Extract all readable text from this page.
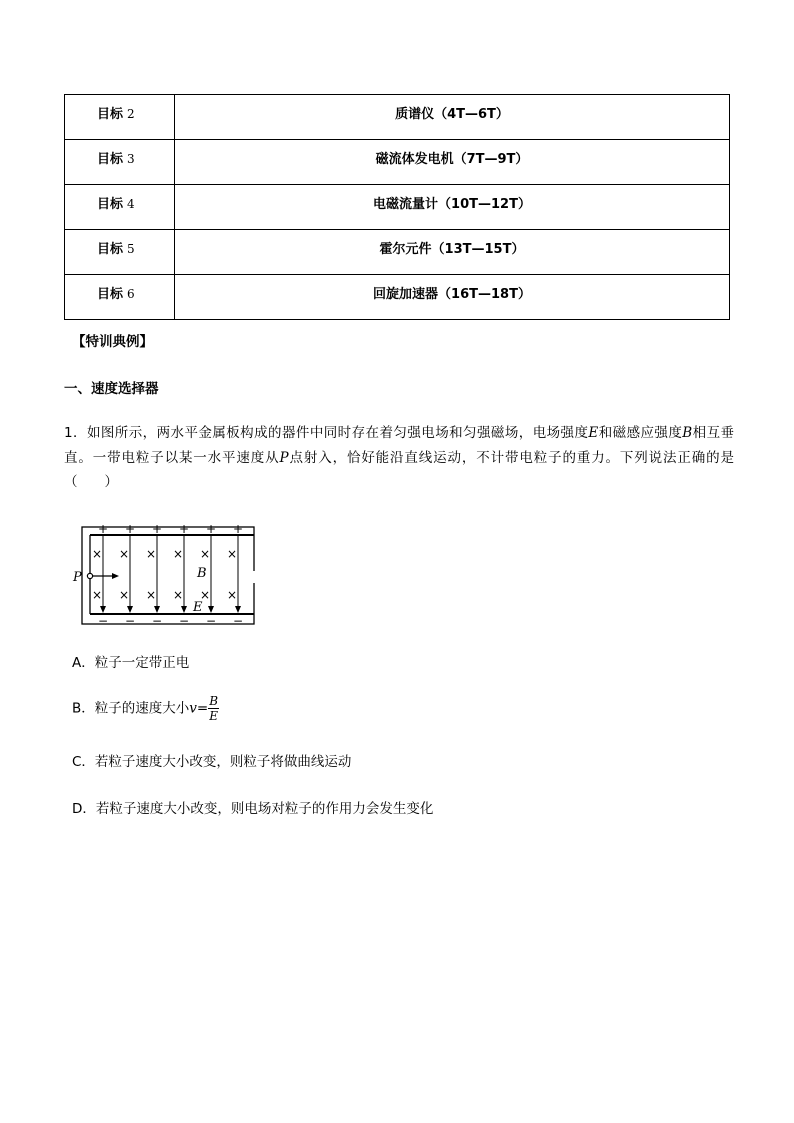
目标 2	质谱仪（4T—6T）

目标 3	磁流体发电机（7T—9T）

目标 4	电磁流量计（10T—12T）

目标 5	霍尔元件（13T—15T）

目标 6	回旋加速器（16T—18T）
【特训典例】
一、速度选择器
1．如图所示，两水平金属板构成的器件中同时存在着匀强电场和匀强磁场，电场强度E和磁感应强度B相互垂直。一带电粒子以某一水平速度从P点射入，恰好能沿直线运动，不计带电粒子的重力。下列说法正确的是（　　）
+ + + + + +
− − − − − −
× × × × × ×
× × × × × ×
P	B
E
A．粒子一定带正电
B．粒子的速度大小$v= \frac{B}{E}$
C．若粒子速度大小改变，则粒子将做曲线运动
D．若粒子速度大小改变，则电场对粒子的作用力会发生变化
